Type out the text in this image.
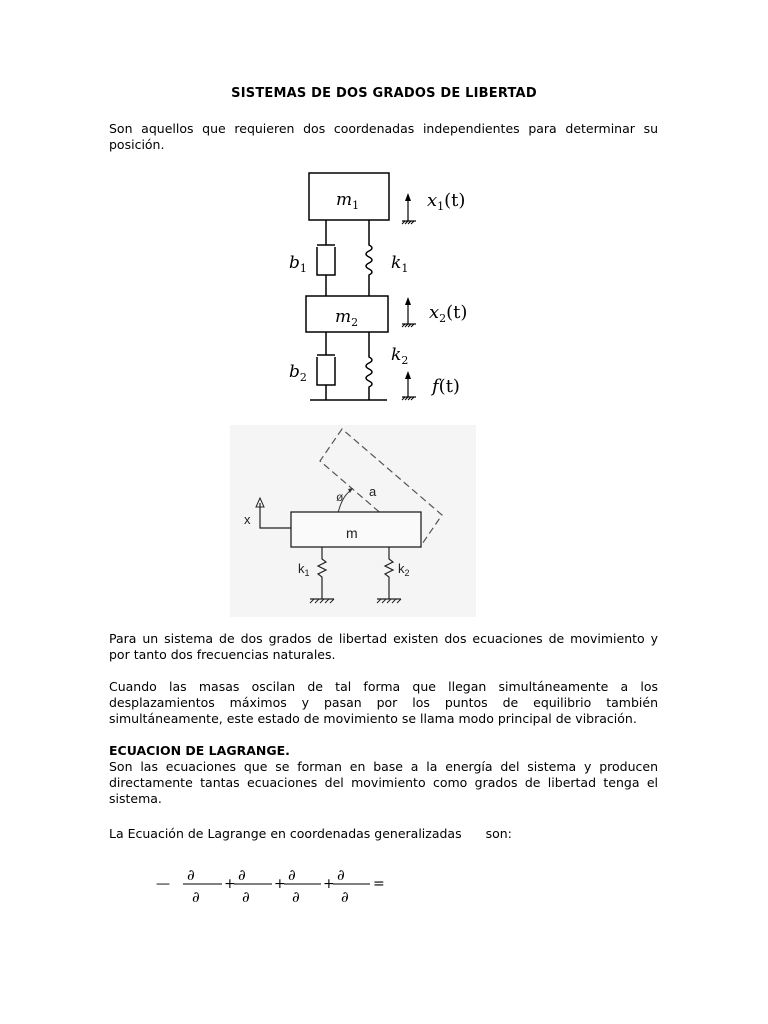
SISTEMAS DE DOS GRADOS DE LIBERTAD
Son aquellos que requieren dos coordenadas independientes para determinar su
posición.
$m_1$
$b_1$	$k_1$
$x_1(t)$
$m_2$	$x_2(t)$
$b_2$
$k_2$
f(t)
ø a
m
x
$k_1$	$k_2$
Para un sistema de dos grados de libertad existen dos ecuaciones de movimiento y
por tanto dos frecuencias naturales.
Cuando las masas oscilan de tal forma que llegan simultáneamente a los
desplazamientos máximos y pasan por los puntos de equilibrio también
simultáneamente, este estado de movimiento se llama modo principal de vibración.
ECUACION DE LAGRANGE.
Son las ecuaciones que se forman en base a la energía del sistema y producen
directamente tantas ecuaciones del movimiento como grados de libertad tenga el
sistema.
La Ecuación de Lagrange en coordenadas generalizadas son:
— ∂
∂
+ ∂
∂
+ ∂
∂
+ ∂
∂
=
